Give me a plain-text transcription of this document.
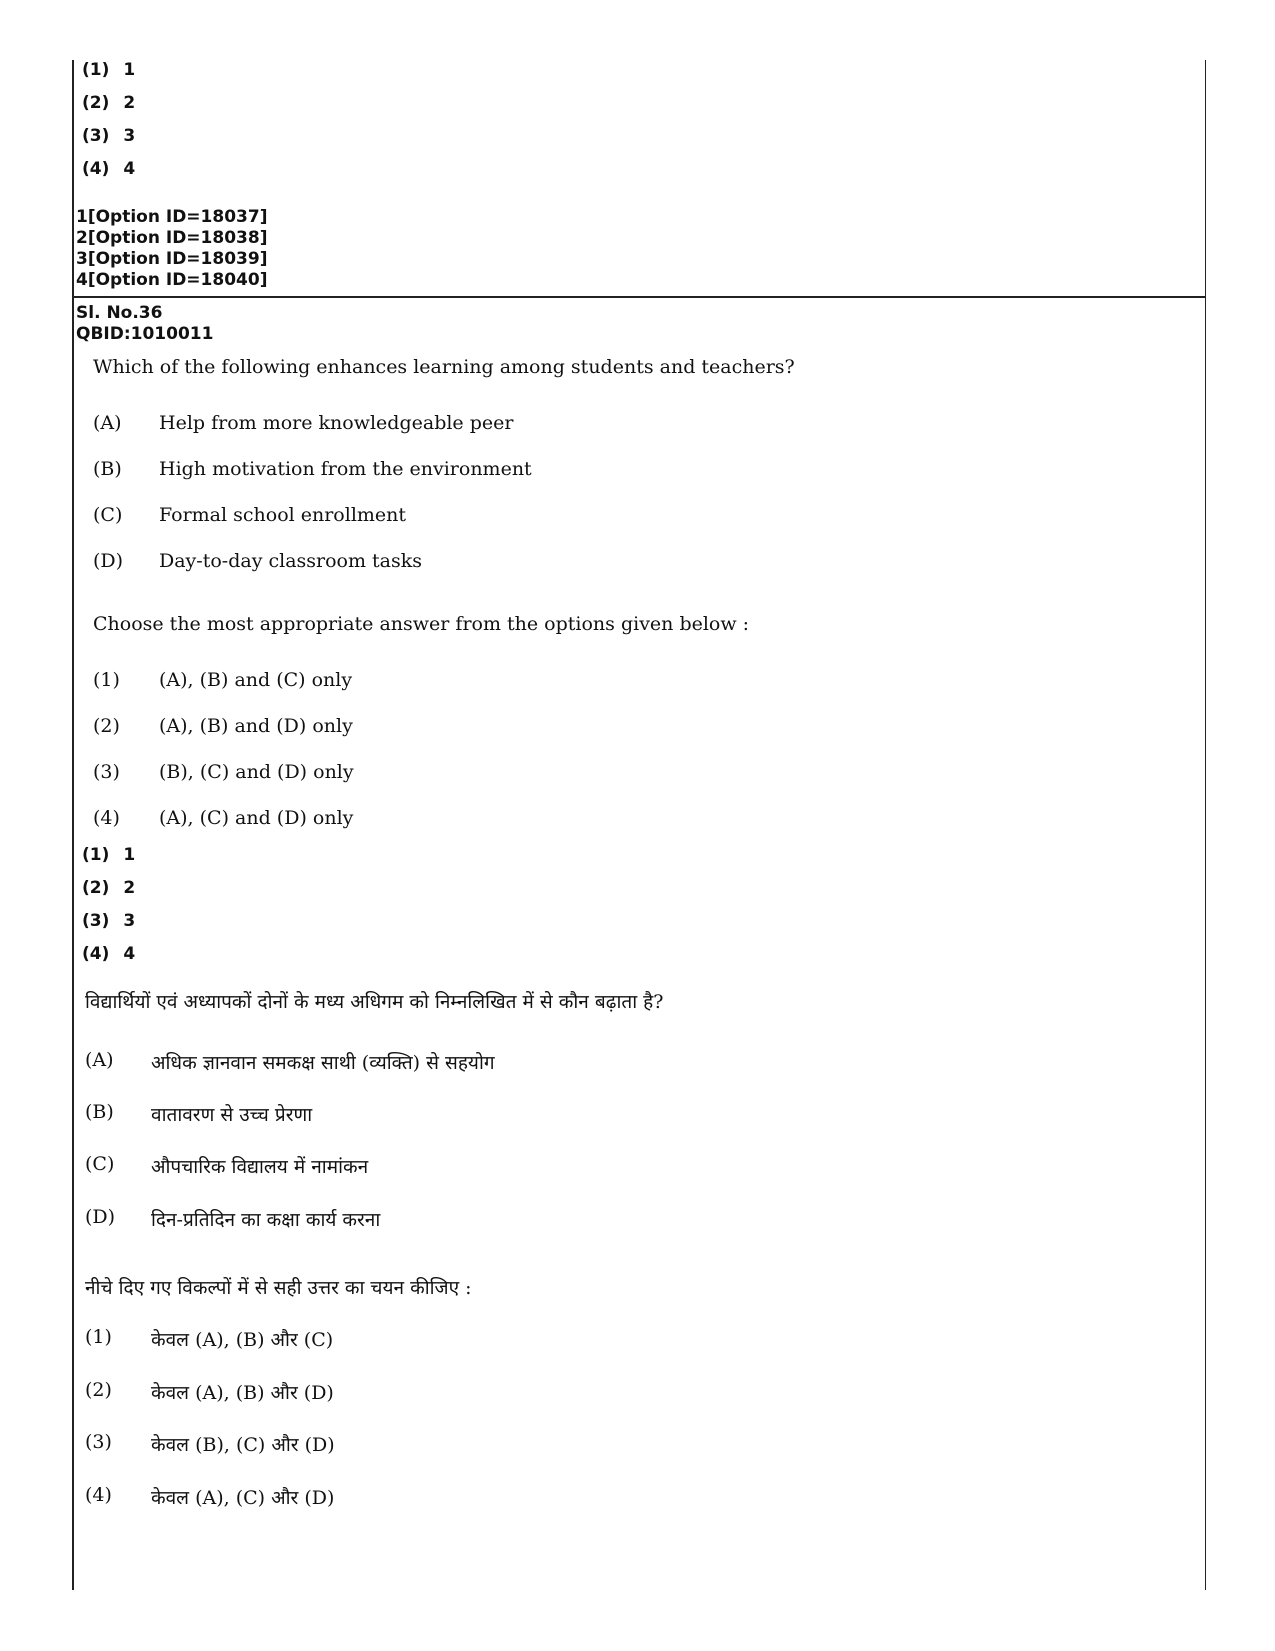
(1) 1
(2) 2
(3) 3
(4) 4
1[Option ID=18037]
2[Option ID=18038]
3[Option ID=18039]
4[Option ID=18040]
Sl. No.36
QBID:1010011
Which of the following enhances learning among students and teachers?
(A)	Help from more knowledgeable peer
(B)	High motivation from the environment
(C)	Formal school enrollment
(D)	Day-to-day classroom tasks
Choose the most appropriate answer from the options given below :
(1)	(A), (B) and (C) only
(2)	(A), (B) and (D) only
(3)	(B), (C) and (D) only
(4)	(A), (C) and (D) only
(1) 1
(2) 2
(3) 3
(4) 4
विद्यार्थियों एवं अध्यापकों दोनों के मध्य अधिगम को निम्नलिखित में से कौन बढ़ाता है?
(A)	अधिक ज्ञानवान समकक्ष साथी (व्यक्ति) से सहयोग
(B)	वातावरण से उच्च प्रेरणा
(C)	औपचारिक विद्यालय में नामांकन
(D)	दिन-प्रतिदिन का कक्षा कार्य करना
नीचे दिए गए विकल्पों में से सही उत्तर का चयन कीजिए :
(1)	केवल (A), (B) और (C)
(2)	केवल (A), (B) और (D)
(3)	केवल (B), (C) और (D)
(4)	केवल (A), (C) और (D)
